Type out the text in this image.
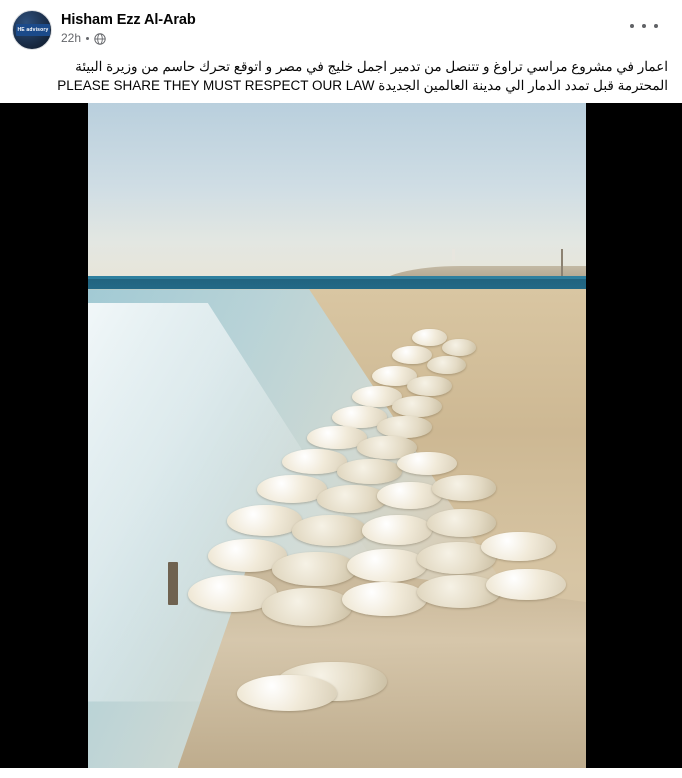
HE advisory
Hisham Ezz Al-Arab
22h
اعمار في مشروع مراسي تراوغ و تتنصل من تدمير اجمل خليج في مصر و اتوقع تحرك حاسم من وزيرة البيئة
المحترمة قبل تمدد الدمار الي مدينة العالمين الجديدة PLEASE SHARE THEY MUST RESPECT OUR LAW
